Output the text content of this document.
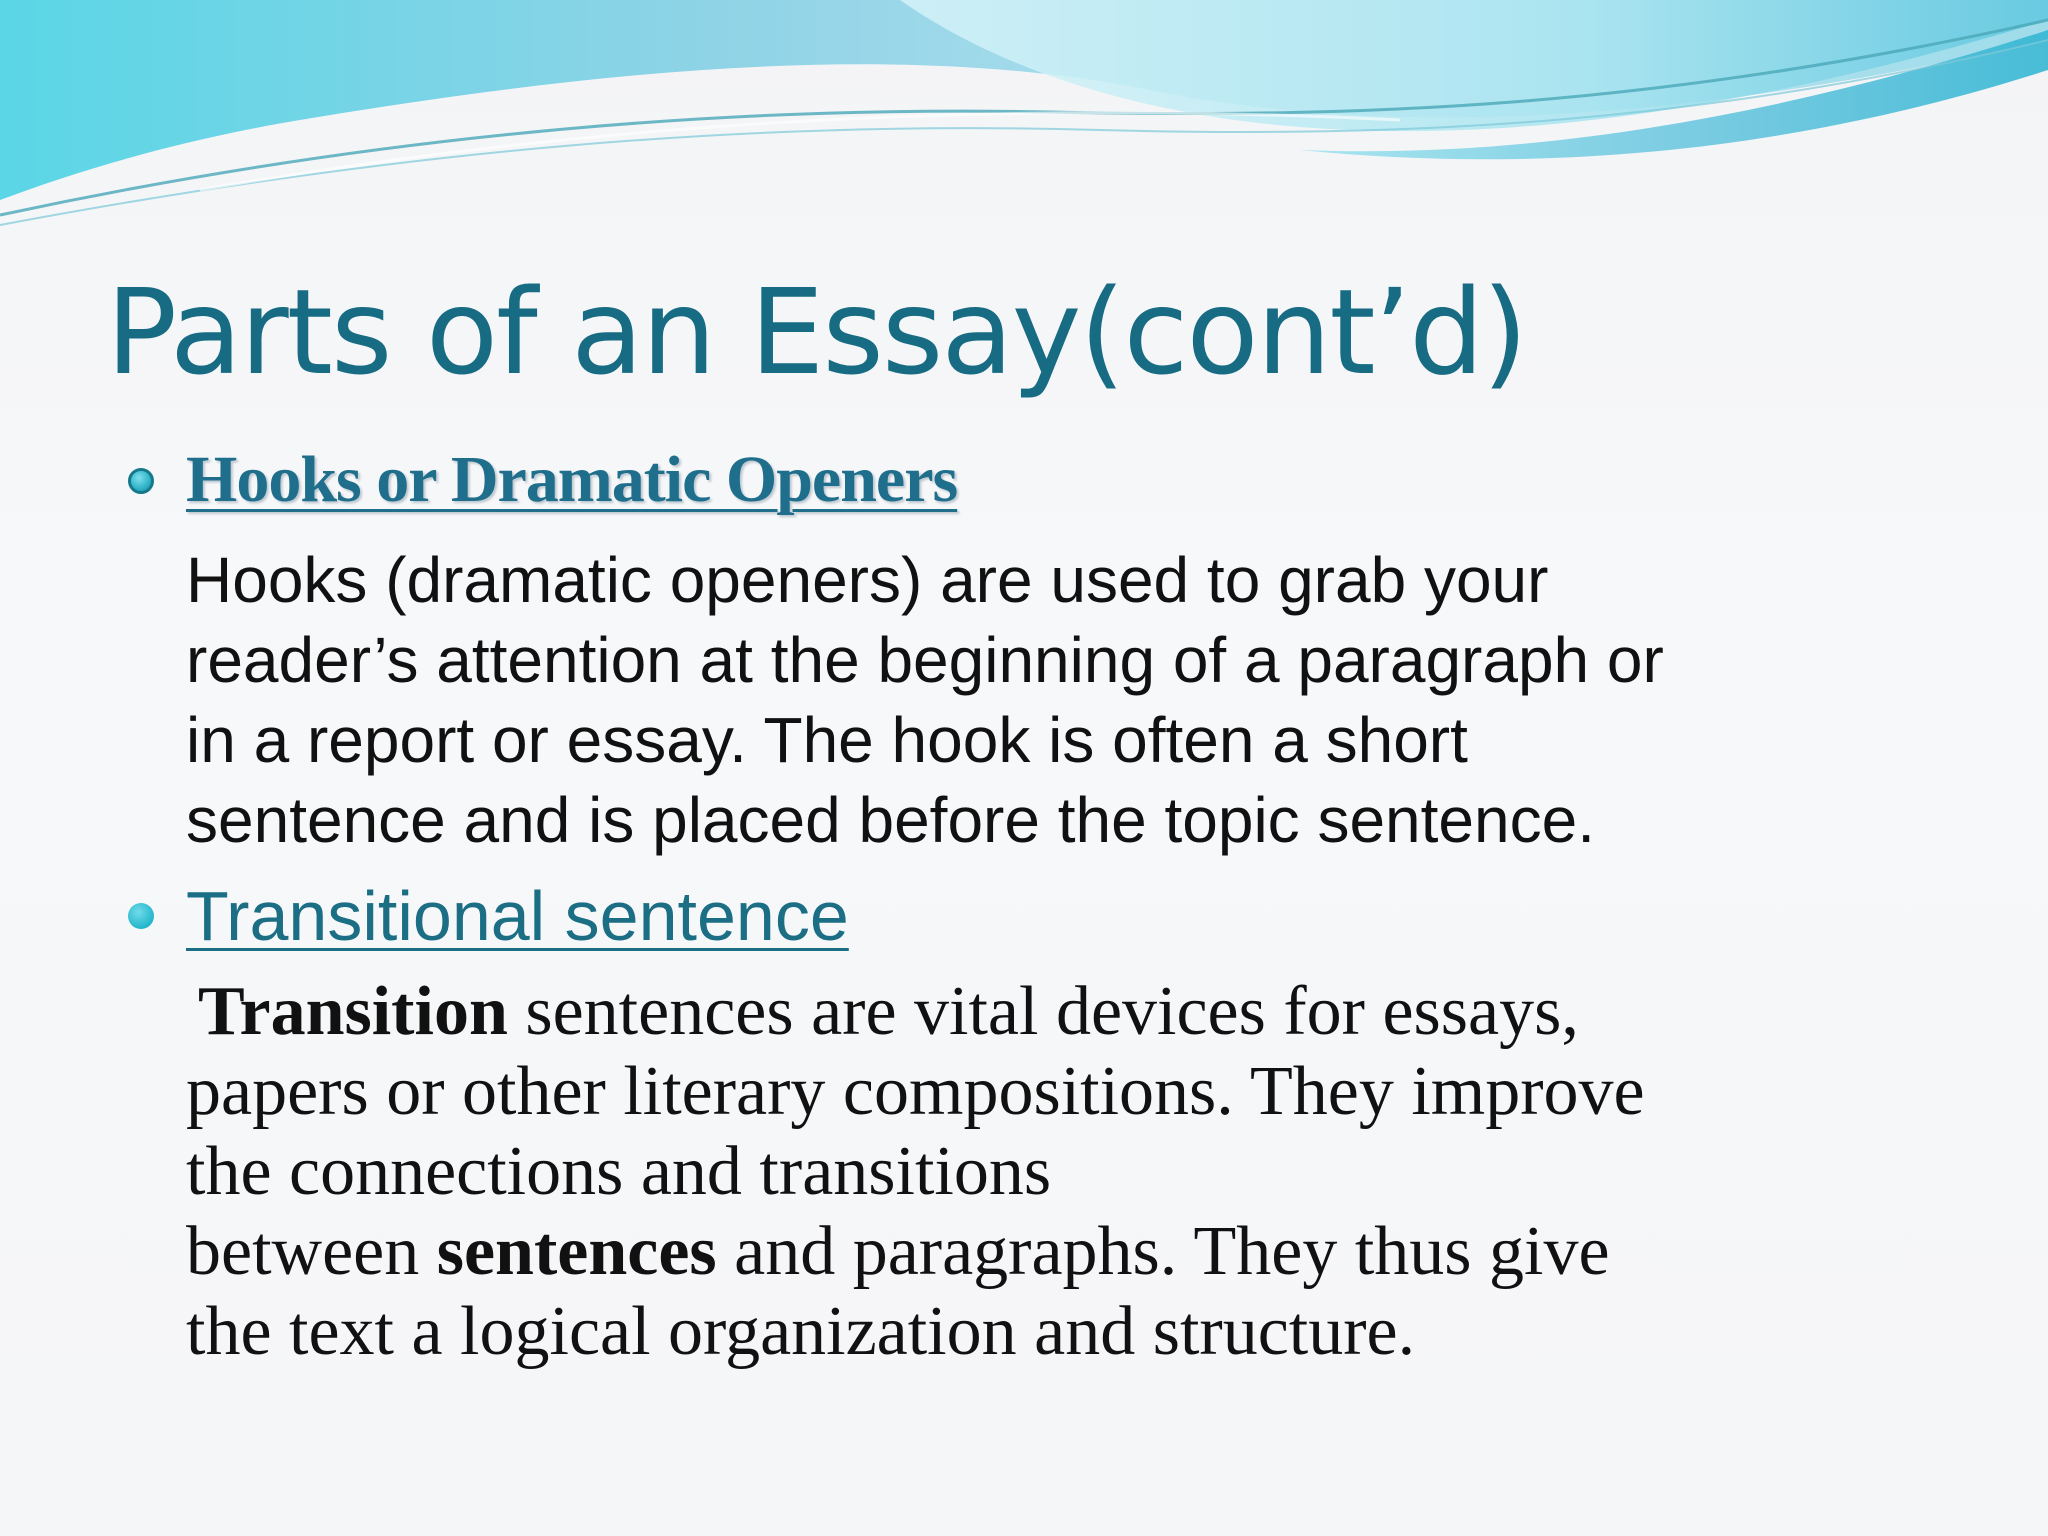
Parts of an Essay(cont’d)
Hooks or Dramatic Openers

Hooks (dramatic openers) are used to grab your
reader’s attention at the beginning of a paragraph or
in a report or essay. The hook is often a short
sentence and is placed before the topic sentence.

Transitional sentence

Transition sentences are vital devices for essays,
papers or other literary compositions. They improve
the connections and transitions
between sentences and paragraphs. They thus give
the text a logical organization and structure.
